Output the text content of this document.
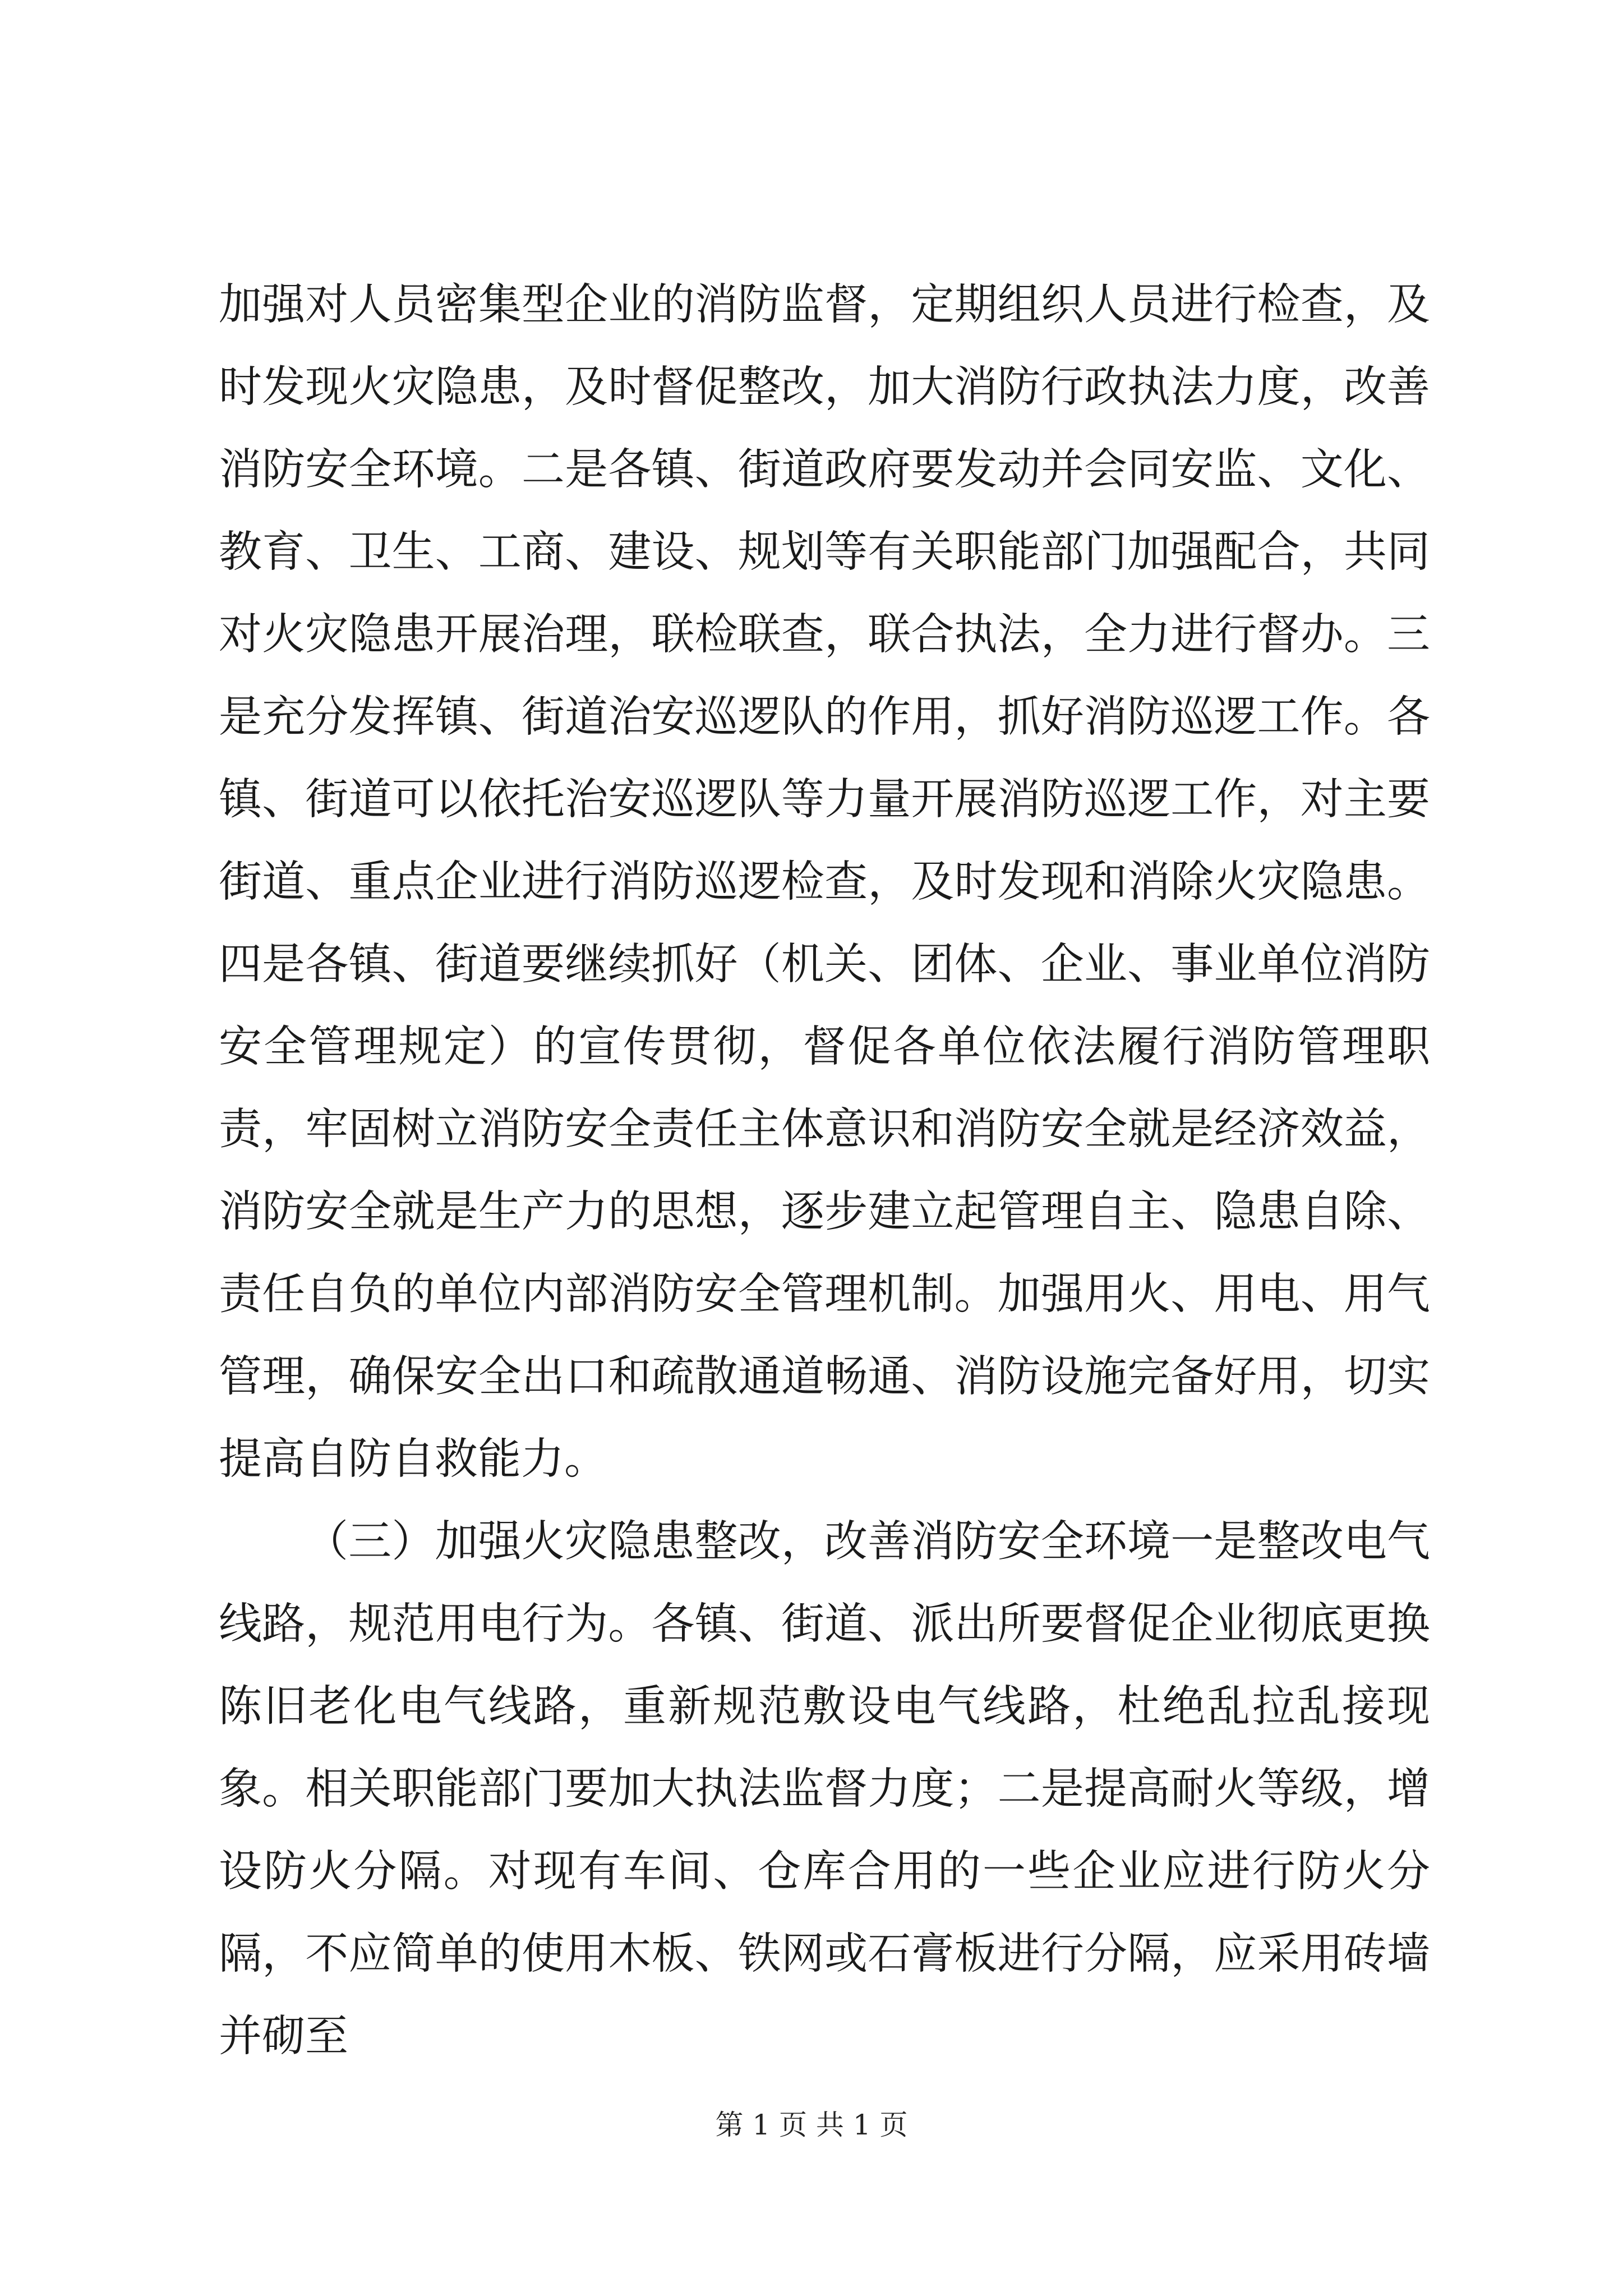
加强对人员密集型企业的消防监督，定期组织人员进行检查，及时发现火灾隐患，及时督促整改，加大消防行政执法力度，改善消防安全环境。二是各镇、街道政府要发动并会同安监、文化、教育、卫生、工商、建设、规划等有关职能部门加强配合，共同对火灾隐患开展治理，联检联查，联合执法，全力进行督办。三是充分发挥镇、街道治安巡逻队的作用，抓好消防巡逻工作。各镇、街道可以依托治安巡逻队等力量开展消防巡逻工作，对主要街道、重点企业进行消防巡逻检查，及时发现和消除火灾隐患。四是各镇、街道要继续抓好（机关、团体、企业、事业单位消防安全管理规定）的宣传贯彻，督促各单位依法履行消防管理职责，牢固树立消防安全责任主体意识和消防安全就是经济效益，消防安全就是生产力的思想，逐步建立起管理自主、隐患自除、责任自负的单位内部消防安全管理机制。加强用火、用电、用气管理，确保安全出口和疏散通道畅通、消防设施完备好用，切实提高自防自救能力。

（三）加强火灾隐患整改，改善消防安全环境一是整改电气线路，规范用电行为。各镇、街道、派出所要督促企业彻底更换陈旧老化电气线路，重新规范敷设电气线路，杜绝乱拉乱接现象。相关职能部门要加大执法监督力度；二是提高耐火等级，增设防火分隔。对现有车间、仓库合用的一些企业应进行防火分隔，不应简单的使用木板、铁网或石膏板进行分隔，应采用砖墙并砌至

第 1 页 共 1 页
